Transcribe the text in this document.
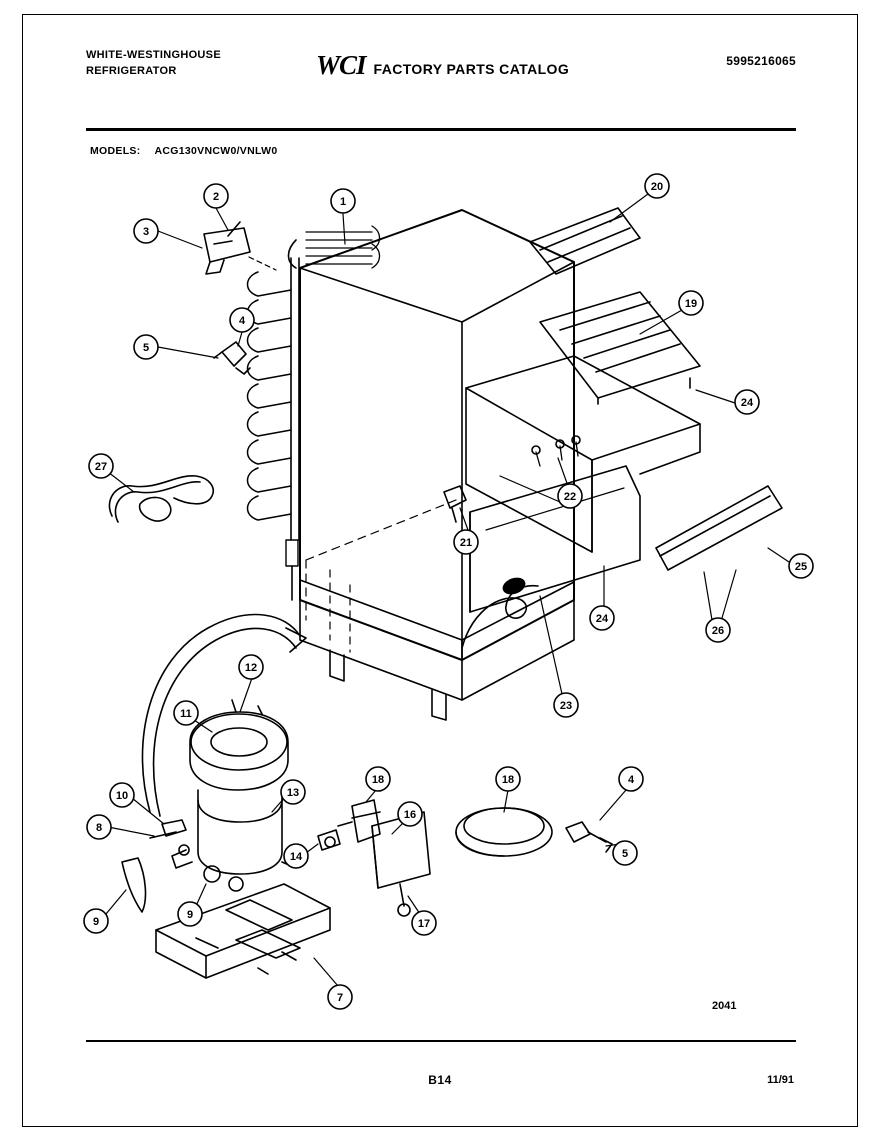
WHITE-WESTINGHOUSE
REFRIGERATOR	WCI FACTORY PARTS CATALOG	5995216065
MODELS: ACG130VNCW0/VNLW0
1
2
3
4
5
27
20
19
24
22
21
25
26
24
23
12
11
10	13
18	18
16
4
5
8
9
9
14
17
7
2041
B14	11/91
